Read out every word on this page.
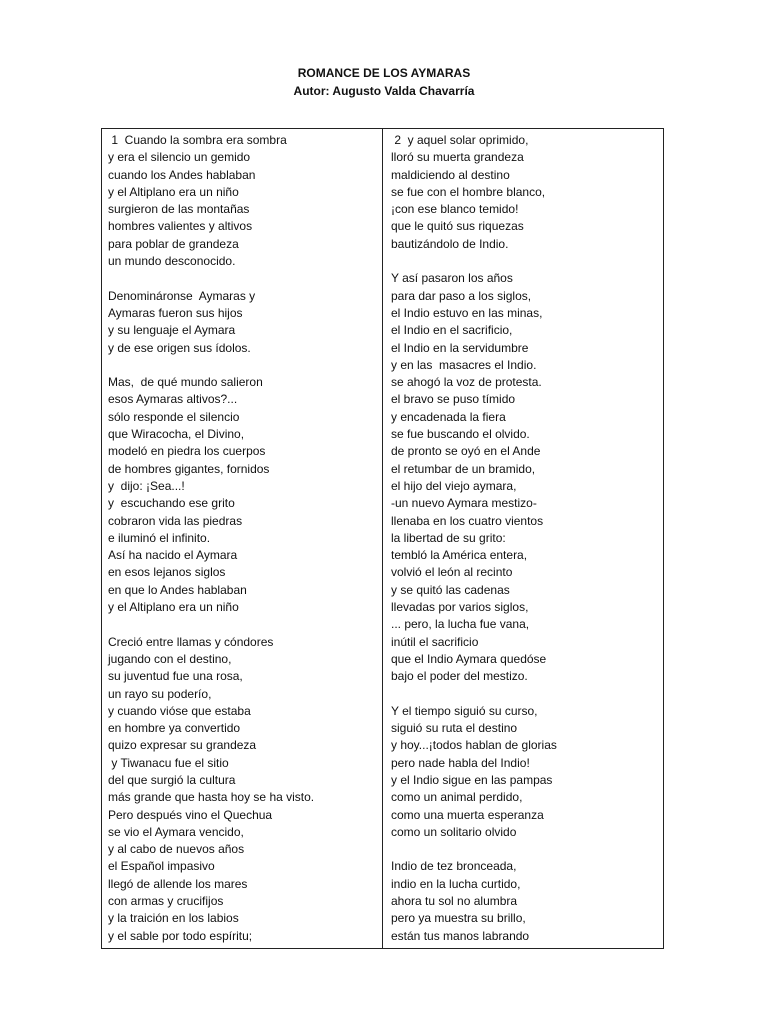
ROMANCE DE LOS AYMARAS
Autor: Augusto Valda Chavarría
1  Cuando la sombra era sombra
y era el silencio un gemido
cuando los Andes hablaban
y el Altiplano era un niño
surgieron de las montañas
hombres valientes y altivos
para poblar de grandeza
un mundo desconocido.
Denomináronse  Aymaras y
Aymaras fueron sus hijos
y su lenguaje el Aymara
y de ese origen sus ídolos.
Mas,  de qué mundo salieron
esos Aymaras altivos?...
sólo responde el silencio
que Wiracocha, el Divino,
modeló en piedra los cuerpos
de hombres gigantes, fornidos
y  dijo: ¡Sea...!
y  escuchando ese grito
cobraron vida las piedras
e iluminó el infinito.
Así ha nacido el Aymara
en esos lejanos siglos
en que lo Andes hablaban
y el Altiplano era un niño
Creció entre llamas y cóndores
jugando con el destino,
su juventud fue una rosa,
un rayo su poderío,
y cuando vióse que estaba
en hombre ya convertido
quizo expresar su grandeza
y Tiwanacu fue el sitio
del que surgió la cultura
más grande que hasta hoy se ha visto.
Pero después vino el Quechua
se vio el Aymara vencido,
y al cabo de nuevos años
el Español impasivo
llegó de allende los mares
con armas y crucifijos
y la traición en los labios
y el sable por todo espíritu;
2  y aquel solar oprimido,
lloró su muerta grandeza
maldiciendo al destino
se fue con el hombre blanco,
¡con ese blanco temido!
que le quitó sus riquezas
bautizándolo de Indio.
Y así pasaron los años
para dar paso a los siglos,
el Indio estuvo en las minas,
el Indio en el sacrificio,
el Indio en la servidumbre
y en las  masacres el Indio.
se ahogó la voz de protesta.
el bravo se puso tímido
y encadenada la fiera
se fue buscando el olvido.
de pronto se oyó en el Ande
el retumbar de un bramido,
el hijo del viejo aymara,
-un nuevo Aymara mestizo-
llenaba en los cuatro vientos
la libertad de su grito:
tembló la América entera,
volvió el león al recinto
y se quitó las cadenas
llevadas por varios siglos,
... pero, la lucha fue vana,
inútil el sacrificio
que el Indio Aymara quedóse
bajo el poder del mestizo.
Y el tiempo siguió su curso,
siguió su ruta el destino
y hoy...¡todos hablan de glorias
pero nade habla del Indio!
y el Indio sigue en las pampas
como un animal perdido,
como una muerta esperanza
como un solitario olvido
Indio de tez bronceada,
indio en la lucha curtido,
ahora tu sol no alumbra
pero ya muestra su brillo,
están tus manos labrando
